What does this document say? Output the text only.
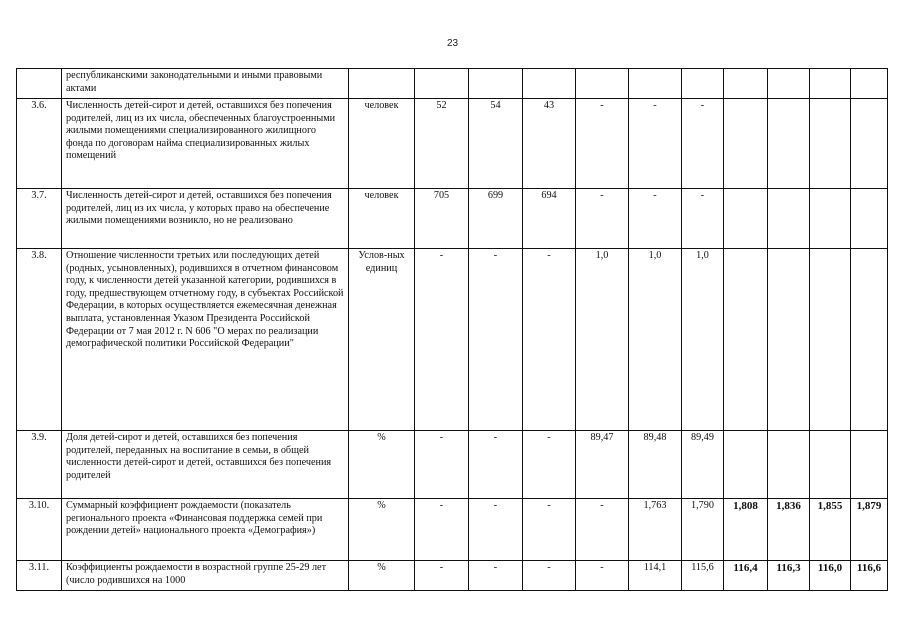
23
	республиканскими законодательными и иными правовыми актами											
3.6.	Численность детей-сирот и детей, оставшихся без попечения родителей, лиц из их числа, обеспеченных благоустроенными жилыми помещениями специализированного жилищного фонда по договорам найма специализированных жилых помещений	человек	52	54	43	-	-	-				
3.7.	Численность детей-сирот и детей, оставшихся без попечения родителей, лиц из их числа, у которых право на обеспечение жилыми помещениями возникло, но не реализовано	человек	705	699	694	-	-	-				
3.8.	Отношение численности третьих или последующих детей (родных, усыновленных), родившихся в отчетном финансовом году, к численности детей указанной категории, родившихся в году, предшествующем отчетному году, в субъектах Российской Федерации, в которых осуществляется ежемесячная денежная выплата, установленная Указом Президента Российской Федерации от 7 мая 2012 г. N 606 "О мерах по реализации демографической политики Российской Федерации"	Услов-ных единиц	-	-	-	1,0	1,0	1,0				
3.9.	Доля детей-сирот и детей, оставшихся без попечения родителей, переданных на воспитание в семьи, в общей численности детей-сирот и детей, оставшихся без попечения родителей	%	-	-	-	89,47	89,48	89,49				
3.10.	Суммарный коэффициент рождаемости (показатель регионального проекта «Финансовая поддержка семей при рождении детей» национального проекта «Демография»)	%	-	-	-	-	1,763	1,790	1,808	1,836	1,855	1,879
3.11.	Коэффициенты рождаемости в возрастной группе 25-29 лет (число родившихся на 1000	%	-	-	-	-	114,1	115,6	116,4	116,3	116,0	116,6
